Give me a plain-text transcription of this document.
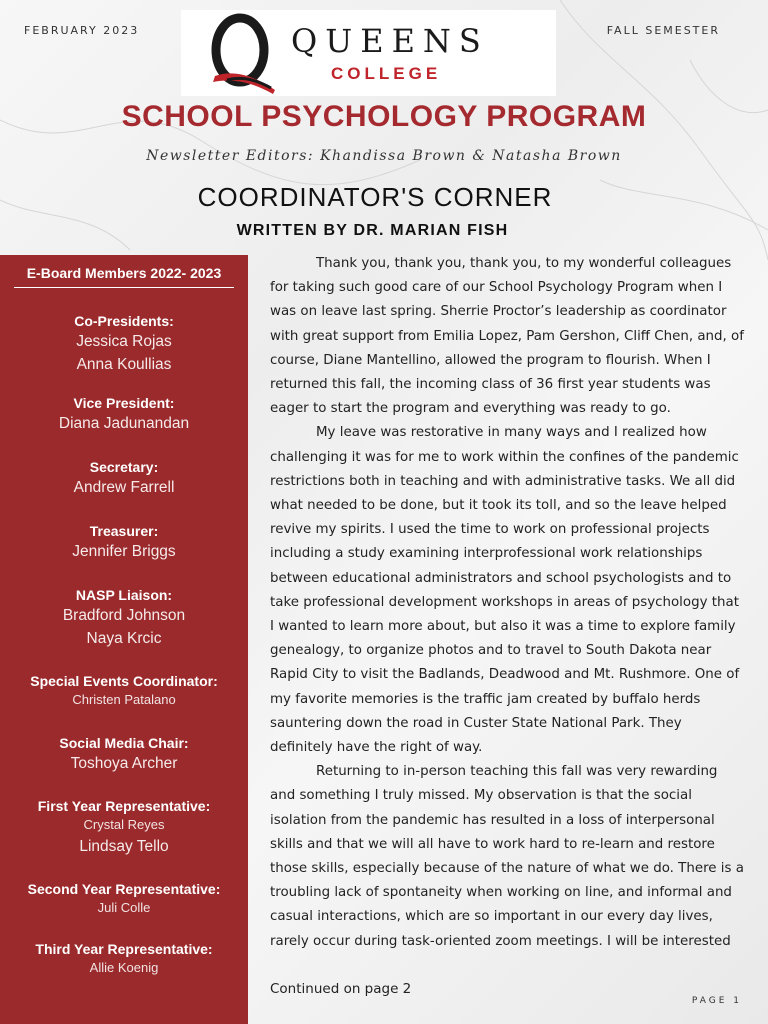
FEBRUARY 2023	FALL SEMESTER
QUEENS
COLLEGE
SCHOOL PSYCHOLOGY PROGRAM
Newsletter Editors: Khandissa Brown & Natasha Brown
COORDINATOR'S CORNER
WRITTEN BY DR. MARIAN FISH
E-Board Members 2022- 2023
Co-Presidents:
Jessica Rojas
Anna Koullias
Vice President:
Diana Jadunandan
Secretary:
Andrew Farrell
Treasurer:
Jennifer Briggs
NASP Liaison:
Bradford Johnson
Naya Krcic
Special Events Coordinator:
Christen Patalano
Social Media Chair:
Toshoya Archer
First Year Representative:
Crystal Reyes
Lindsay Tello
Second Year Representative:
Juli Colle
Third Year Representative:
Allie Koenig

Thank you, thank you, thank you, to my wonderful colleagues for taking such good care of our School Psychology Program when I was on leave last spring. Sherrie Proctor’s leadership as coordinator with great support from Emilia Lopez, Pam Gershon, Cliff Chen, and, of course, Diane Mantellino, allowed the program to flourish. When I returned this fall, the incoming class of 36 first year students was eager to start the program and everything was ready to go.

My leave was restorative in many ways and I realized how challenging it was for me to work within the confines of the pandemic restrictions both in teaching and with administrative tasks. We all did what needed to be done, but it took its toll, and so the leave helped revive my spirits. I used the time to work on professional projects including a study examining interprofessional work relationships between educational administrators and school psychologists and to take professional development workshops in areas of psychology that I wanted to learn more about, but also it was a time to explore family genealogy, to organize photos and to travel to South Dakota near Rapid City to visit the Badlands, Deadwood and Mt. Rushmore. One of my favorite memories is the traffic jam created by buffalo herds sauntering down the road in Custer State National Park. They definitely have the right of way.

Returning to in-person teaching this fall was very rewarding and something I truly missed. My observation is that the social isolation from the pandemic has resulted in a loss of interpersonal skills and that we will all have to work hard to re-learn and restore those skills, especially because of the nature of what we do. There is a troubling lack of spontaneity when working on line, and informal and casual interactions, which are so important in our every day lives, rarely occur during task-oriented zoom meetings. I will be interested

Continued on page 2
PAGE 1
